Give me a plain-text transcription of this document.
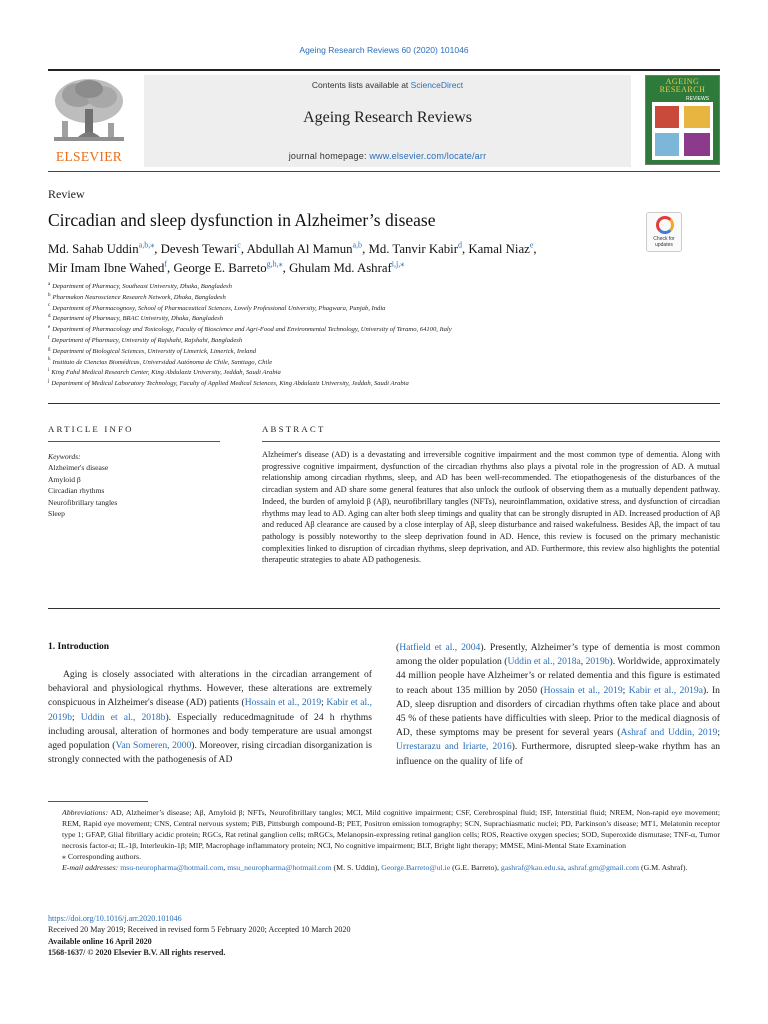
Ageing Research Reviews 60 (2020) 101046
ELSEVIER
Contents lists available at ScienceDirect
Ageing Research Reviews
journal homepage: www.elsevier.com/locate/arr
AGEING RESEARCH
REVIEWS
Review
Circadian and sleep dysfunction in Alzheimer’s disease
Check for updates
Md. Sahab Uddin$^{a,b,⁎}$, Devesh Tewari$^c$, Abdullah Al Mamun$^{a,b}$, Md. Tanvir Kabir$^d$, Kamal Niaz$^e$,
Mir Imam Ibne Wahed$^f$, George E. Barreto$^{g,h,⁎}$, Ghulam Md. Ashraf$^{i,j,⁎}$
$^a$ Department of Pharmacy, Southeast University, Dhaka, Bangladesh
$^b$ Pharmakon Neuroscience Research Network, Dhaka, Bangladesh
$^c$ Department of Pharmacognosy, School of Pharmaceutical Sciences, Lovely Professional University, Phagwara, Punjab, India
$^d$ Department of Pharmacy, BRAC University, Dhaka, Bangladesh
$^e$ Department of Pharmacology and Toxicology, Faculty of Bioscience and Agri-Food and Environmental Technology, University of Teramo, 64100, Italy
$^f$ Department of Pharmacy, University of Rajshahi, Rajshahi, Bangladesh
$^g$ Department of Biological Sciences, University of Limerick, Limerick, Ireland
$^h$ Instituto de Ciencias Biomédicas, Universidad Autónoma de Chile, Santiago, Chile
$^i$ King Fahd Medical Research Center, King Abdulaziz University, Jeddah, Saudi Arabia
$^j$ Department of Medical Laboratory Technology, Faculty of Applied Medical Sciences, King Abdulaziz University, Jeddah, Saudi Arabia
ARTICLE INFO	ABSTRACT
Keywords:
Alzheimer's disease
Amyloid β
Circadian rhythms
Neurofibrillary tangles
Sleep
Alzheimer's disease (AD) is a devastating and irreversible cognitive impairment and the most common type of dementia. Along with progressive cognitive impairment, dysfunction of the circadian rhythms also plays a pivotal role in the progression of AD. A mutual relationship among circadian rhythms, sleep, and AD has been well-recommended. The etiopathogenesis of the disturbances of the circadian system and AD share some general features that also unlock the outlook of observing them as a mutually dependent pathway. Indeed, the burden of amyloid β (Aβ), neurofibrillary tangles (NFTs), neuroinflammation, oxidative stress, and dysfunction of circadian rhythms may lead to AD. Aging can alter both sleep timings and quality that can be strongly disrupted in AD. Increased production of Aβ and reduced Aβ clearance are caused by a close interplay of Aβ, sleep disturbance and raised wakefulness. Besides Aβ, the impact of tau pathology is possibly noteworthy to the sleep deprivation found in AD. Hence, this review is focused on the primary mechanistic complexities linked to disruption of circadian rhythms, sleep deprivation, and AD. Furthermore, this review also highlights the potential therapeutic strategies to abate AD pathogenesis.
1. Introduction
Aging is closely associated with alterations in the circadian arrangement of behavioral and physiological rhythms. However, these alterations are extremely conspicuous in Alzheimer's disease (AD) patients (Hossain et al., 2019; Kabir et al., 2019b; Uddin et al., 2018b). Especially reducedmagnitude of 24 h rhythms including arousal, alteration of hormones and body temperature are usual amongst aged population (Van Someren, 2000). Moreover, rising circadian disorganization is strongly connected with the pathogenesis of AD
(Hatfield et al., 2004). Presently, Alzheimer’s type of dementia is most common among the older population (Uddin et al., 2018a, 2019b). Worldwide, approximately 44 million people have Alzheimer’s or related dementia and this figure is estimated to reach about 135 million by 2050 (Hossain et al., 2019; Kabir et al., 2019a). In AD, sleep disruption and disorders of circadian rhythms often take place and about 45 % of these patients have difficulties with sleep. Prior to the medical diagnosis of AD, these symptoms may be present for several years (Ashraf and Uddin, 2019; Urrestarazu and Iriarte, 2016). Furthermore, disrupted sleep-wake rhythm has an influence on the quality of life of
Abbreviations: AD, Alzheimer’s disease; Aβ, Amyloid β; NFTs, Neurofibrillary tangles; MCI, Mild cognitive impairment; CSF, Cerebrospinal fluid; ISF, Interstitial fluid; NREM, Non-rapid eye movement; REM, Rapid eye movement; CNS, Central nervous system; PiB, Pittsburgh compound-B; PET, Positron emission tomography; SCN, Suprachiasmatic nuclei; PD, Parkinson’s disease; MT1, Melatonin receptor type 1; GFAP, Glial fibrillary acidic protein; RGCs, Rat retinal ganglion cells; mRGCs, Melanopsin-expressing retinal ganglion cells; ROS, Reactive oxygen species; SOD, Superoxide dismutase; TNF-α, Tumor necrosis factor-α; IL-1β, Interleukin-1β; MIP, Macrophage inflammatory protein; NCI, No cognitive impairment; BLT, Bright light therapy; MMSE, Mini-Mental State Examination
⁎ Corresponding authors.
E-mail addresses: msu-neuropharma@hotmail.com, msu_neuropharma@hotmail.com (M. S. Uddin), George.Barreto@ul.ie (G.E. Barreto), gashraf@kau.edu.sa, ashraf.gm@gmail.com (G.M. Ashraf).
https://doi.org/10.1016/j.arr.2020.101046
Received 20 May 2019; Received in revised form 5 February 2020; Accepted 10 March 2020
Available online 16 April 2020
1568-1637/ © 2020 Elsevier B.V. All rights reserved.
